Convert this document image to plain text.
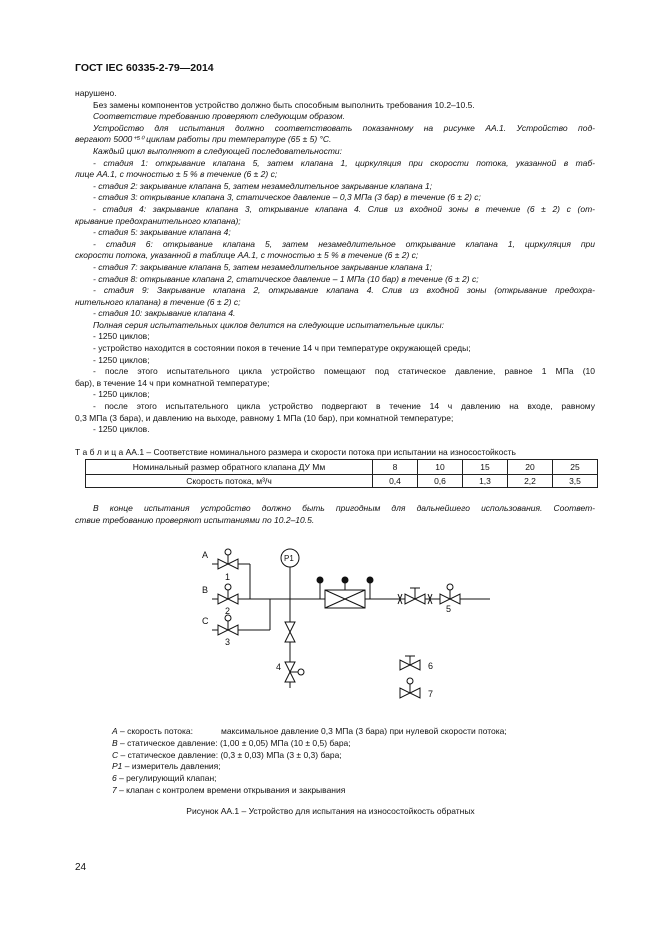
ГОСТ IEC 60335-2-79—2014
нарушено.
Без замены компонентов устройство должно быть способным выполнить требования 10.2–10.5.
Соответствие требованию проверяют следующим образом.
Устройство для испытания должно соответствовать показанному на рисунке АА.1. Устройство под-
вергают 5000⁺⁵⁰ циклам работы при температуре (65 ± 5) °С.
Каждый цикл выполняют в следующей последовательности:
- стадия 1: открывание клапана 5, затем клапана 1, циркуляция при скорости потока, указанной в таб-
лице АА.1, с точностью ± 5 % в течение (6 ± 2) с;
- стадия 2: закрывание клапана 5, затем незамедлительное закрывание клапана 1;
- стадия 3: открывание клапана 3, статическое давление – 0,3 МПа (3 бар) в течение (6 ± 2) с;
- стадия 4: закрывание клапана 3, открывание клапана 4. Слив из входной зоны в течение (6 ± 2) с (от-
крывание предохранительного клапана);
- стадия 5: закрывание клапана 4;
- стадия 6: открывание клапана 5, затем незамедлительное открывание клапана 1, циркуляция при
скорости потока, указанной в таблице АА.1, с точностью ± 5 % в течение (6 ± 2) с;
- стадия 7: закрывание клапана 5, затем незамедлительное закрывание клапана 1;
- стадия 8: открывание клапана 2, статическое давление – 1 МПа (10 бар) в течение (6 ± 2) с;
- стадия 9: Закрывание клапана 2, открывание клапана 4. Слив из входной зоны (открывание предохра-
нительного клапана) в течение (6 ± 2) с;
- стадия 10: закрывание клапана 4.
Полная серия испытательных циклов делится на следующие испытательные циклы:
- 1250 циклов;
- устройство находится в состоянии покоя в течение 14 ч при температуре окружающей среды;
- 1250 циклов;
- после этого испытательного цикла устройство помещают под статическое давление, равное 1 МПа (10
бар), в течение 14 ч при комнатной температуре;
- 1250 циклов;
- после этого испытательного цикла устройство подвергают в течение 14 ч давлению на входе, равному
0,3 МПа (3 бара), и давлению на выходе, равному 1 МПа (10 бар), при комнатной температуре;
- 1250 циклов.
Т а б л и ц а АА.1 – Соответствие номинального размера и скорости потока при испытании на износостойкость
Номинальный размер обратного клапана ДУ Мм	8	10	15	20	25
Скорость потока, м³/ч	0,4	0,6	1,3	2,2	3,5
В конце испытания устройство должно быть пригодным для дальнейшего использования. Соответ-
ствие требованию проверяют испытаниями по 10.2–10.5.
A
B
C
1
2
3
4
5
P1
6
7
А – скорость потока:	максимальное давление 0,3 МПа (3 бара) при нулевой скорости потока;
В – статическое давление: (1,00 ± 0,05) МПа (10 ± 0,5) бара;
С – статическое давление: (0,3 ± 0,03) МПа (3 ± 0,3) бара;
Р1 – измеритель давления;
6 – регулирующий клапан;
7 – клапан с контролем времени открывания и закрывания
Рисунок АА.1 – Устройство для испытания на износостойкость обратных
24
